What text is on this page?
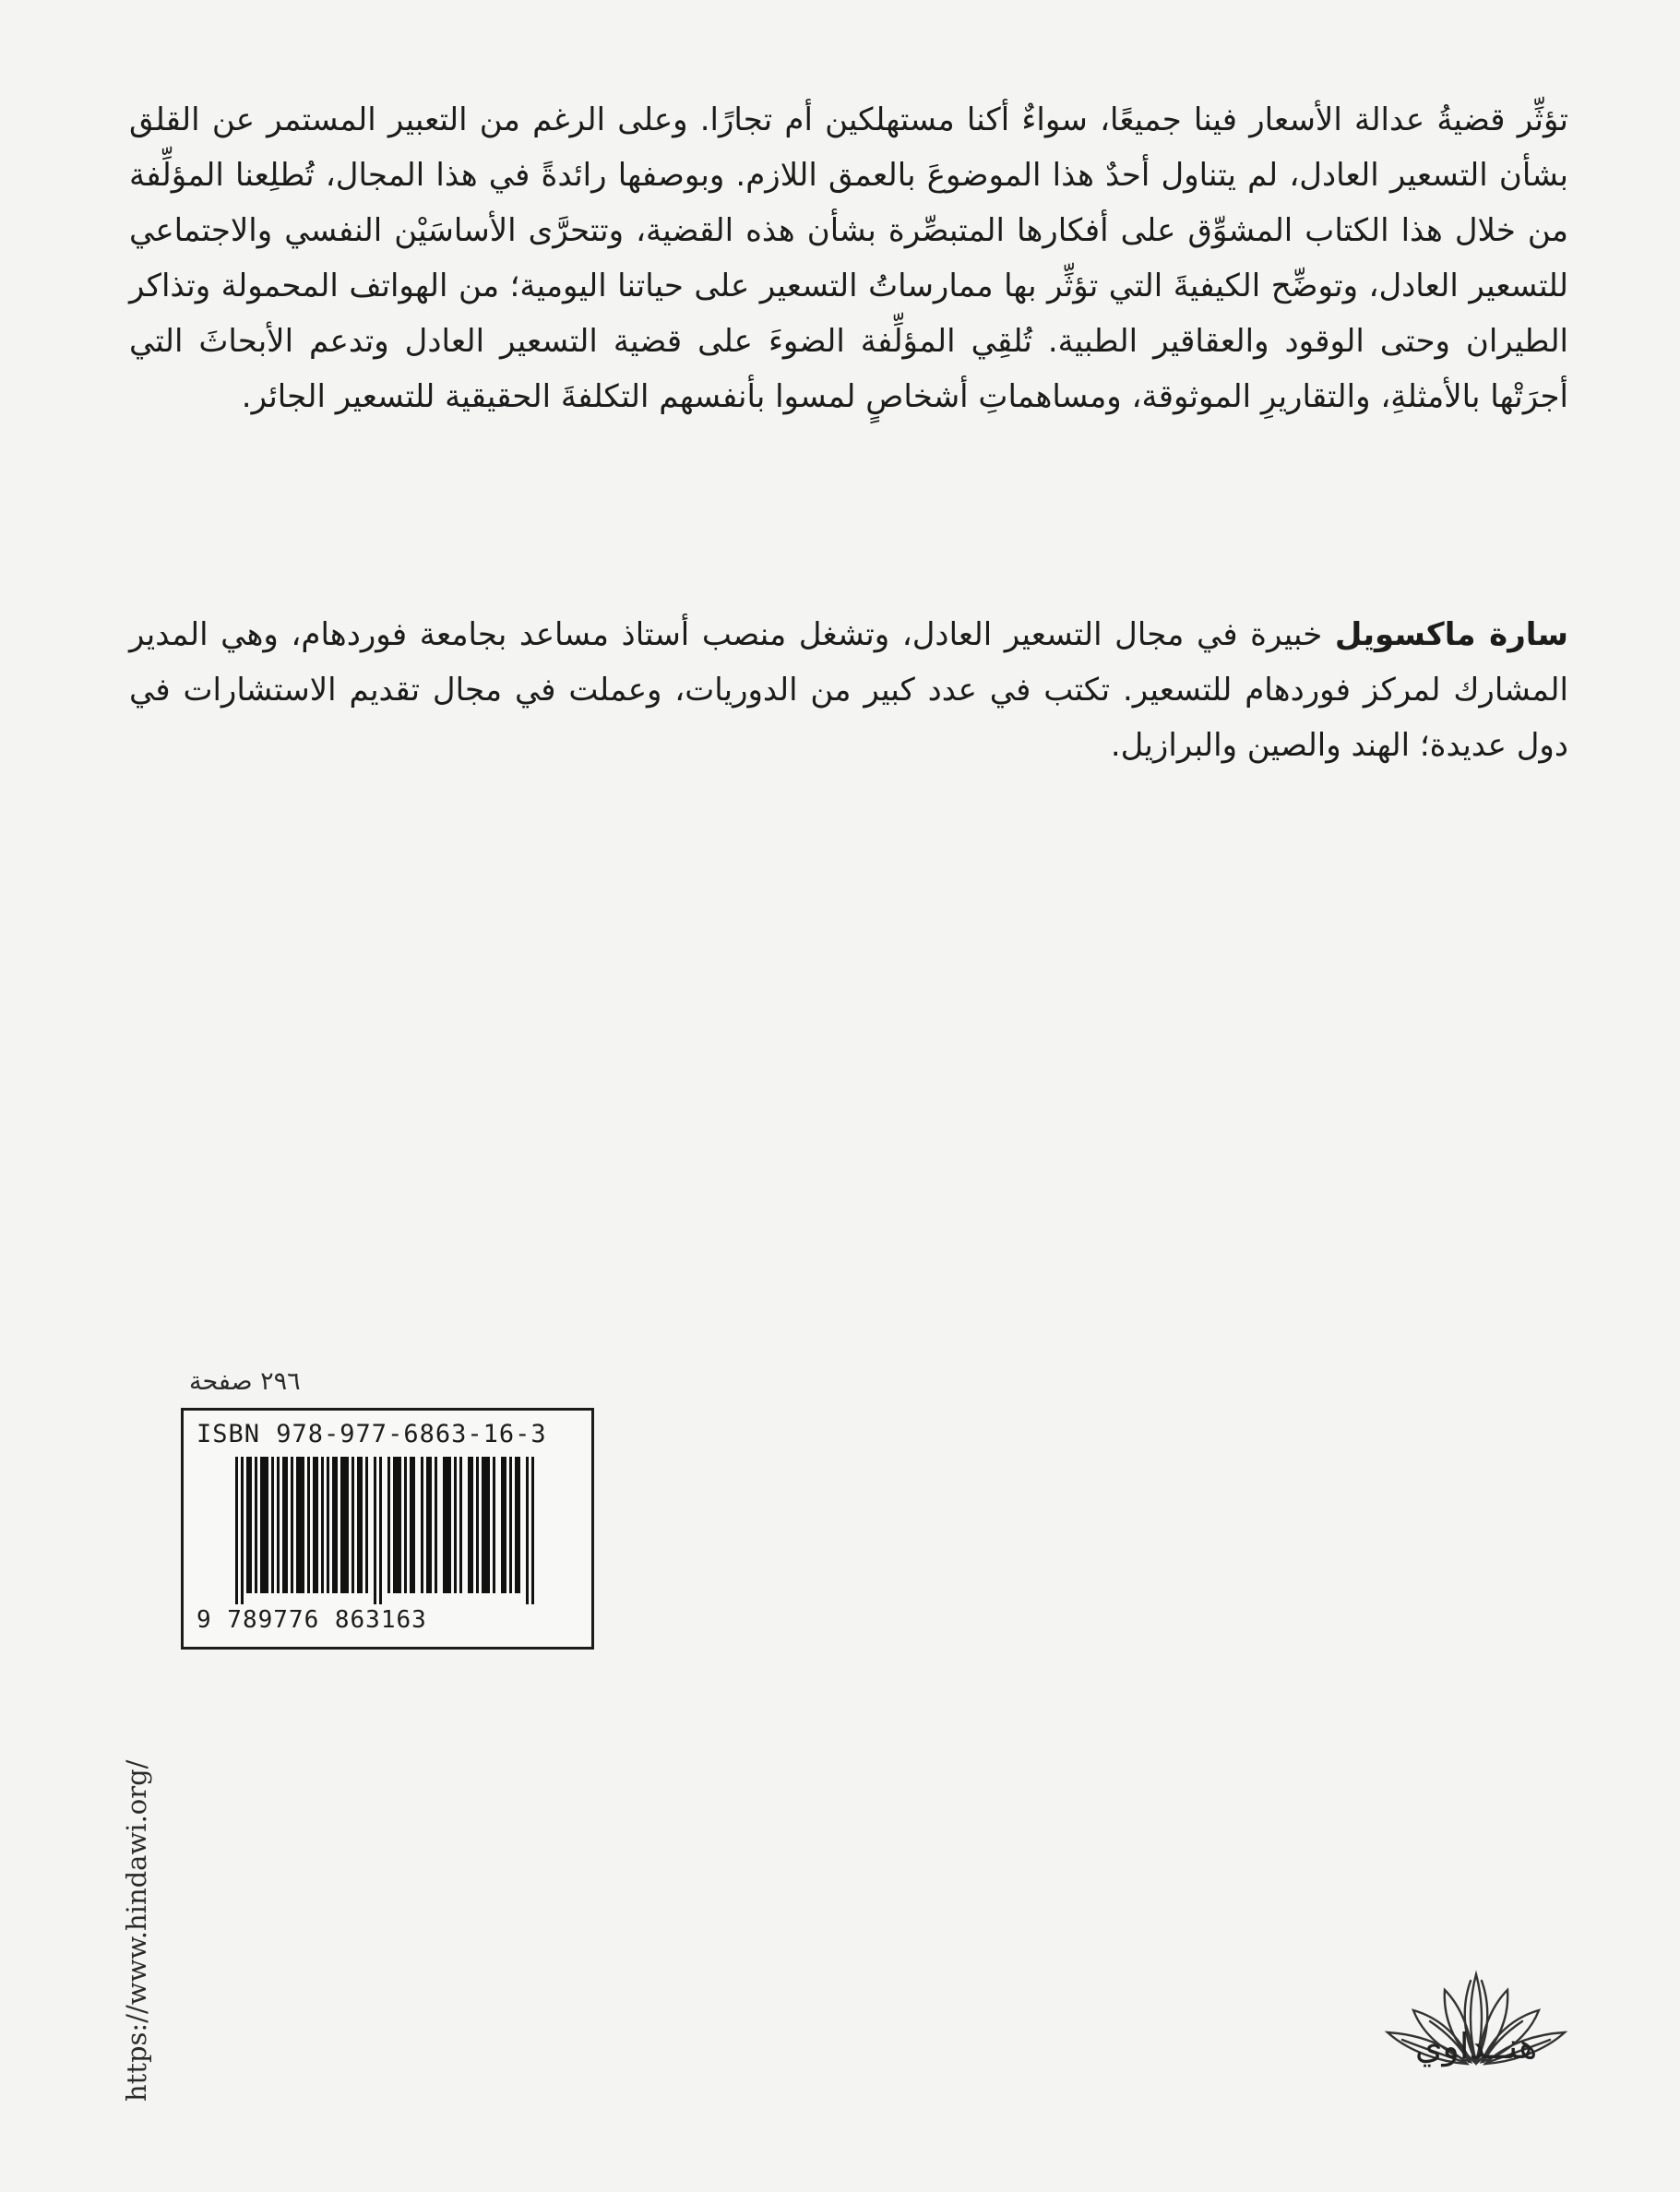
تؤثِّر قضيةُ عدالة الأسعار فينا جميعًا، سواءٌ أكنا مستهلكين أم تجارًا. وعلى الرغم من التعبير المستمر عن القلق بشأن التسعير العادل، لم يتناول أحدٌ هذا الموضوعَ بالعمق اللازم. وبوصفها رائدةً في هذا المجال، تُطلِعنا المؤلِّفة من خلال هذا الكتاب المشوِّق على أفكارها المتبصِّرة بشأن هذه القضية، وتتحرَّى الأساسَيْن النفسي والاجتماعي للتسعير العادل، وتوضِّح الكيفيةَ التي تؤثِّر بها ممارساتُ التسعير على حياتنا اليومية؛ من الهواتف المحمولة وتذاكر الطيران وحتى الوقود والعقاقير الطبية. تُلقِي المؤلِّفة الضوءَ على قضية التسعير العادل وتدعم الأبحاثَ التي أجرَتْها بالأمثلةِ، والتقاريرِ الموثوقة، ومساهماتِ أشخاصٍ لمسوا بأنفسهم التكلفةَ الحقيقية للتسعير الجائر.

سارة ماكسويل خبيرة في مجال التسعير العادل، وتشغل منصب أستاذ مساعد بجامعة فوردهام، وهي المدير المشارك لمركز فوردهام للتسعير. تكتب في عدد كبير من الدوريات، وعملت في مجال تقديم الاستشارات في دول عديدة؛ الهند والصين والبرازيل.

https://www.hindawi.org/
٢٩٦ صفحة
ISBN 978-977-6863-16-3
9 789776 863163
هنــداوي
